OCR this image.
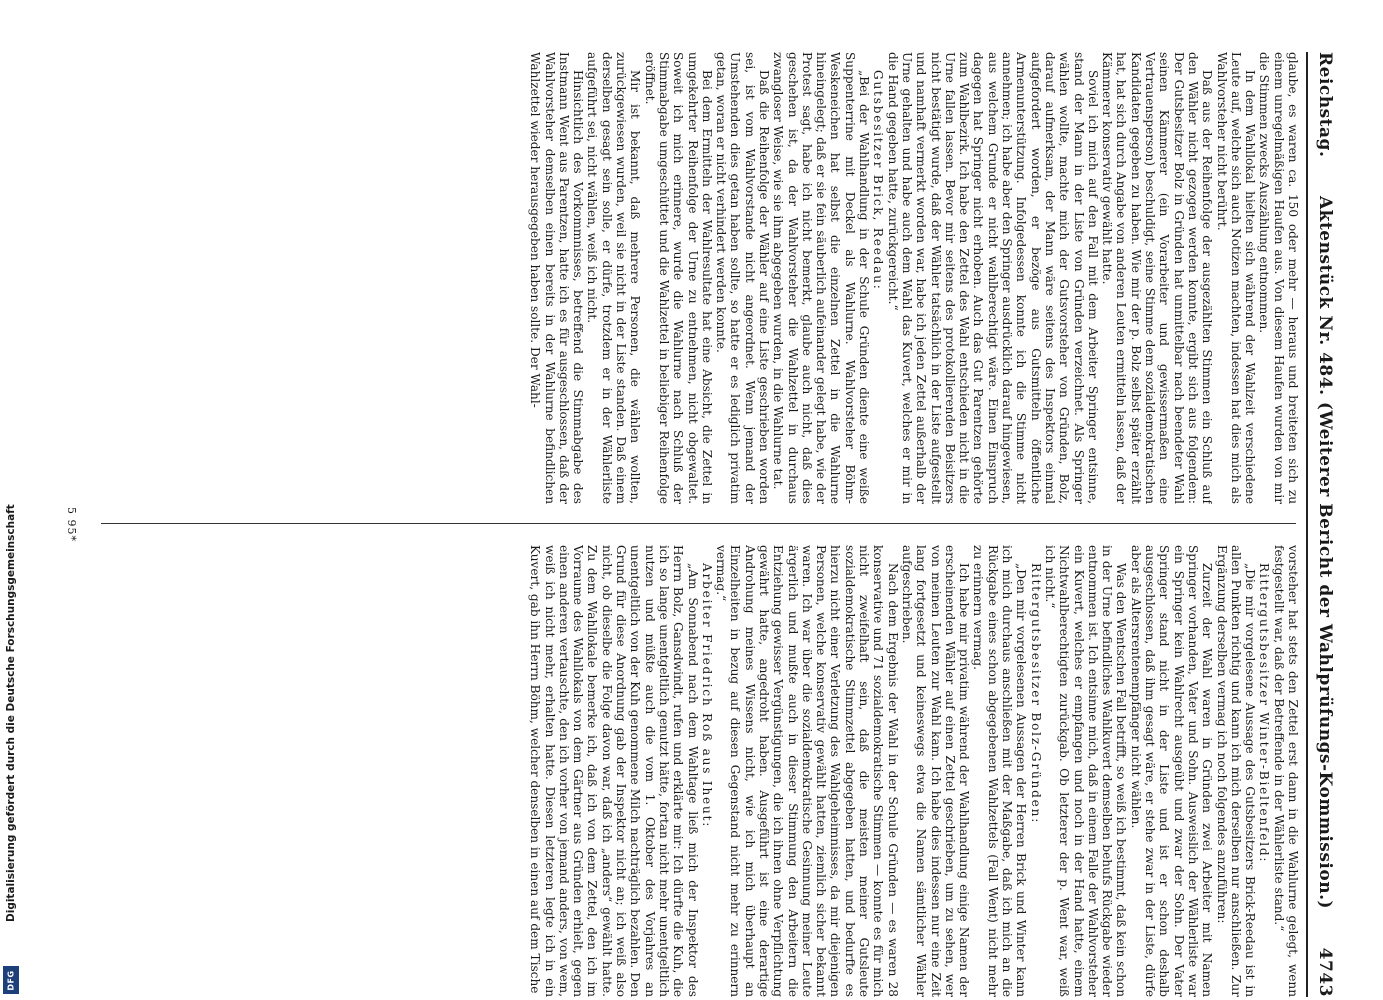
Reichstag.
Aktenstück Nr. 484. (Weiterer Bericht der Wahlprüfungs-Kommission.)
4743

glaube, es waren ca. 150 oder mehr — heraus und breiteten sich zu einem unregelmäßigen Haufen aus. Von diesem Haufen wurden von mir die Stimmen zwecks Auszählung entnommen.

In dem Wahllokal hielten sich während der Wahlzeit verschiedene Leute auf, welche sich auch Notizen machten, indessen hat dies mich als Wahlvorsteher nicht berührt.

Daß aus der Reihenfolge der ausgezählten Stimmen ein Schluß auf den Wähler nicht gezogen werden konnte, ergibt sich aus folgendem: Der Gutsbesitzer Bolz in Gründen hat unmittelbar nach beendeter Wahl seinen Kämmerer (ein Vorarbeiter und gewissermaßen eine Vertrauensperson) beschuldigt, seine Stimme dem sozialdemokratischen Kandidaten gegeben zu haben. Wie mir der p. Bolz selbst später erzählt hat, hat sich durch Angabe von anderen Leuten ermitteln lassen, daß der Kämmerer konservativ gewählt hatte.

Soviel ich mich auf den Fall mit dem Arbeiter Springer entsinne, stand der Mann in der Liste von Gründen verzeichnet. Als Springer wählen wollte, machte mich der Gutsvorsteher von Gründen, Bolz, darauf aufmerksam, der Mann wäre seitens des Inspektors einmal aufgefordert worden, er bezöge aus Gutsmitteln öffentliche Armenunterstützung. Infolgedessen konnte ich die Stimme nicht annehmen; ich habe aber den Springer ausdrücklich darauf hingewiesen, aus welchem Grunde er nicht wahlberechtigt wäre. Einen Einspruch dagegen hat Springer nicht erhoben. Auch das Gut Parentzen gehörte zum Wahlbezirk. Ich habe den Zettel des Wahl entschieden nicht in die Urne fallen lassen. Bevor mir seitens des protokollierenden Beisitzers nicht bestätigt wurde, daß der Wähler tatsächlich in der Liste aufgestellt und namhaft vermerkt worden war, habe ich jeden Zettel außerhalb der Urne gehalten und habe auch dem Wahl das Kuvert, welches er mir in die Hand gegeben hatte, zurückgereicht.“

Gutsbesitzer Brick, Reedau:

„Bei der Wahlhandlung in der Schule Gründen diente eine weiße Suppenterrine mit Deckel als Wahlurne. Wahlvorsteher Böhm-Weskeneichen hat selbst die einzelnen Zettel in die Wahlurne hineingelegt; daß er sie fein säuberlich aufeinander gelegt habe, wie der Protest sagt, habe ich nicht bemerkt, glaube auch nicht, daß dies geschehen ist, da der Wahlvorsteher die Wahlzettel in durchaus zwangloser Weise, wie sie ihm abgegeben wurden, in die Wahlurne tat.

Daß die Reihenfolge der Wähler auf eine Liste geschrieben worden sei, ist vom Wahlvorstande nicht angeordnet. Wenn jemand der Umstehenden dies getan haben sollte, so hatte er es lediglich privatim getan, woran er nicht verhindert werden konnte.

Bei dem Ermitteln der Wahlresultate hat eine Absicht, die Zettel in umgekehrter Reihenfolge der Urne zu entnehmen, nicht obgewaltet. Soweit ich mich erinnere, wurde die Wahlurne nach Schluß der Stimmabgabe umgeschüttet und die Wahlzettel in beliebiger Reihenfolge eröffnet.

Mir ist bekannt, daß mehrere Personen, die wählen wollten, zurückgewiesen wurden, weil sie nicht in der Liste standen. Daß einem derselben gesagt sein solle, er dürfe, trotzdem er in der Wählerliste aufgeführt sei, nicht wählen, weiß ich nicht.

Hinsichtlich des Vorkommnisses, betreffend die Stimmabgabe des Instmann Went aus Parentzen, hatte ich es für ausgeschlossen, daß der Wahlvorsteher demselben einen bereits in der Wahlurne befindlichen Wahlzettel wieder herausgegeben haben sollte. Der Wahl-

vorsteher hat stets den Zettel erst dann in die Wahlurne gelegt, wenn festgestellt war, daß der Betreffende in der Wählerliste stand.“

Rittergutsbesitzer Winter-Bieltenfeld:

„Die mir vorgelesene Aussage des Gutsbesitzers Brick-Reedau ist in allen Punkten richtig und kann ich mich derselben nur anschließen. Zur Ergänzung derselben vermag ich noch folgendes anzuführen:

Zurzeit der Wahl waren in Gründen zwei Arbeiter mit Namen Springer vorhanden, Vater und Sohn. Ausweislich der Wählerliste war ein Springer kein Wahlrecht ausgeübt und zwar der Sohn. Der Vater Springer stand nicht in der Liste und ist er schon deshalb ausgeschlossen, daß ihm gesagt wäre, er stehe zwar in der Liste, dürfe aber als Altersrentenempfänger nicht wählen.

Was den Wentschen Fall betrifft, so weiß ich bestimmt, daß kein schon in der Urne befindliches Wahlkuvert demselben behufs Rückgabe wieder entnommen ist. Ich entsinne mich, daß in einem Falle der Wahlvorsteher ein Kuvert, welches er empfangen und noch in der Hand hatte, einem Nichtwahlberechtigten zurückgab. Ob letzterer der p. Went war, weiß ich nicht.“

Rittergutsbesitzer Bolz-Gründen:

„Den mir vorgelesenen Aussagen der Herren Brick und Winter kann ich mich durchaus anschließen mit der Maßgabe, daß ich mich an die Rückgabe eines schon abgegebenen Wahlzettels (Fall Went) nicht mehr zu erinnern vermag.

Ich habe mir privatim während der Wahlhandlung einige Namen der erscheinenden Wähler auf einen Zettel geschrieben, um zu sehen, wer von meinen Leuten zur Wahl kam. Ich habe dies indessen nur eine Zeit lang fortgesetzt und keineswegs etwa die Namen sämtlicher Wähler aufgeschrieben.

Nach dem Ergebnis der Wahl in der Schule Gründen — es waren 28 konservative und 71 sozialdemokratische Stimmen — konnte es für mich nicht zweifelhaft sein, daß die meisten meiner Gutsleute sozialdemokratische Stimmzettel abgegeben hatten, und bedurfte es hierzu nicht einer Verletzung des Wahlgeheimnisses, da mir diejenigen Personen, welche konservativ gewählt hatten, ziemlich sicher bekannt waren. Ich war über die sozialdemokratische Gesinnung meiner Leute ärgerlich und mußte auch in dieser Stimmung den Arbeitern die Entziehung gewisser Vergünstigungen, die ich ihnen ohne Verpflichtung gewährt hatte, angedroht haben. Ausgeführt ist eine derartige Androhung meines Wissens nicht, wie ich mich überhaupt an Einzelheiten in bezug auf diesen Gegenstand nicht mehr zu erinnern vermag.“

Arbeiter Friedrich Roß aus Iheut:

„Am Sonnabend nach dem Wahltage ließ mich der Inspektor des Herrn Bolz, Gansdwindt, rufen und erklärte mir: Ich dürfte die Kuh, die ich so lange unentgeltlich genutzt hätte, fortan nicht mehr unentgeltlich nutzen und müßte auch die vom 1. Oktober des Vorjahres an unentgeltlich von der Kuh genommene Milch nachträglich bezahlen. Den Grund für diese Anordnung gab der Inspektor nicht an; ich weiß also nicht, ob dieselbe die Folge davon war, daß ich „anders“ gewählt hatte. Zu dem Wahllokale bemerke ich, daß ich von dem Zettel, den ich im Vorraume des Wahllokals von dem Gärtner aus Gründen erhielt, gegen einen anderen vertauschte, den ich vorher von jemand anders, von wem, weiß ich nicht mehr, erhalten hatte. Diesen letzteren legte ich in ein Kuvert, gab ihn Herrn Böhm, welcher denselben in einen auf dem Tische

5 95*
Digitalisierung gefördert durch die Deutsche Forschungsgemeinschaft
DFG
